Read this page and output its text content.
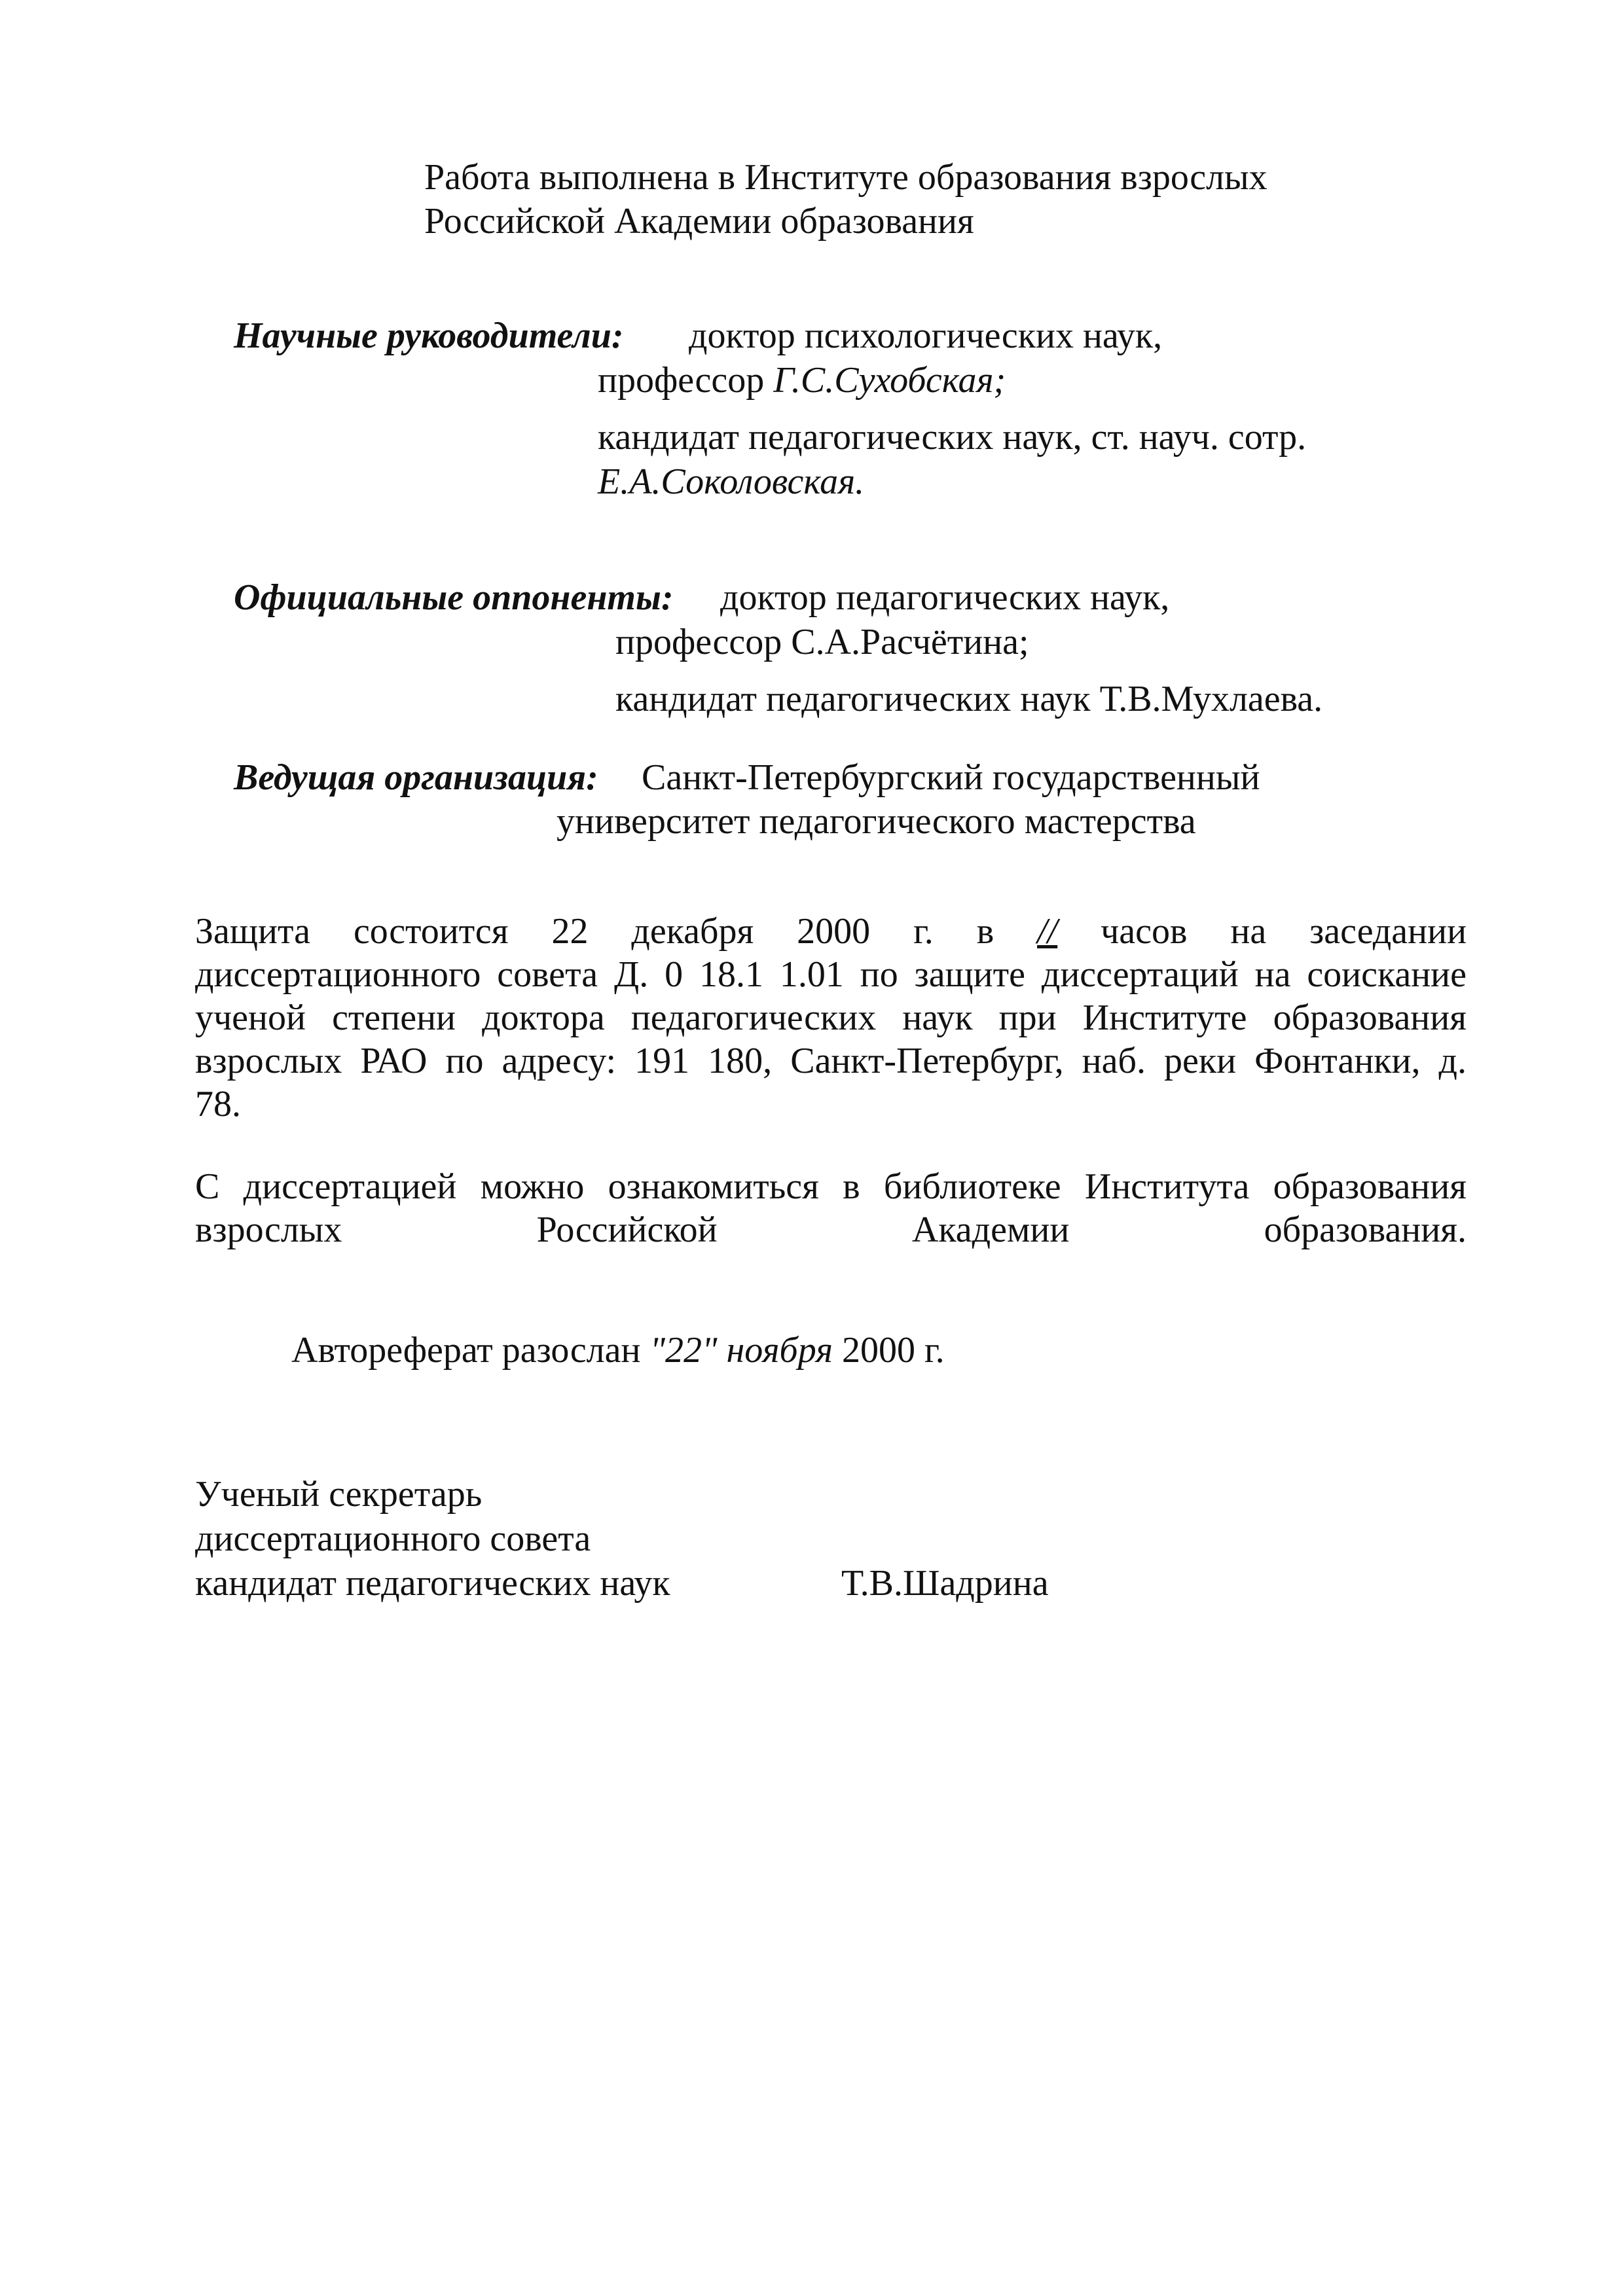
Работа выполнена в Институте образования взрослых
Российской Академии образования
Научные руководители: доктор психологических наук,
профессор Г.С.Сухобская;
кандидат педагогических наук, ст. науч. сотр.
Е.А.Соколовская.
Официальные оппоненты: доктор педагогических наук,
профессор С.А.Расчётина;
кандидат педагогических наук Т.В.Мухлаева.
Ведущая организация: Санкт-Петербургский государственный
университет педагогического мастерства
Защита состоится 22 декабря 2000 г. в // часов на заседании
диссертационного совета Д. 0 18.1 1.01 по защите диссертаций на соискание
ученой степени доктора педагогических наук при Институте образования
взрослых РАО по адресу: 191 180, Санкт-Петербург, наб. реки Фонтанки, д.
78.
С диссертацией можно ознакомиться в библиотеке Института образования
взрослых Российской Академии образования.
Автореферат разослан "22" ноября 2000 г.
Ученый секретарь
диссертационного совета
кандидат педагогических наук	Т.В.Шадрина
